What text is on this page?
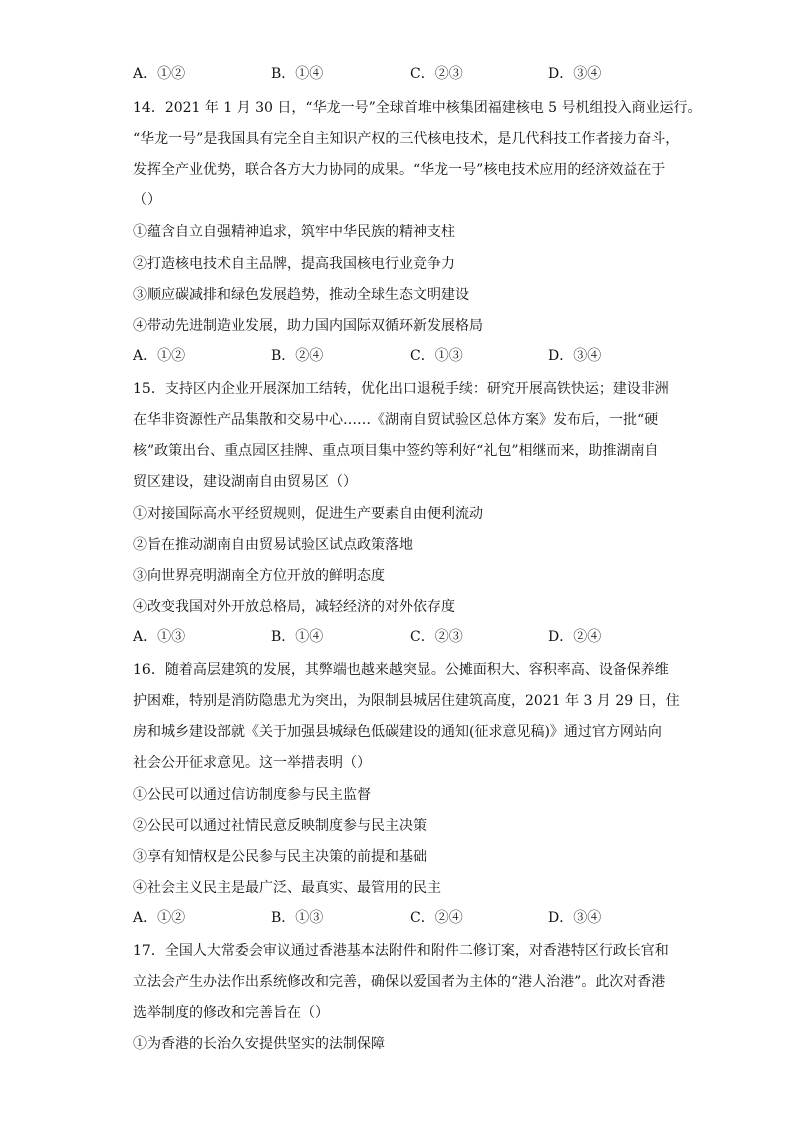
A．①②	B．①④	C．②③	D．③④
14．2021 年 1 月 30 日，“华龙一号”全球首堆中核集团福建核电 5 号机组投入商业运行。
“华龙一号”是我国具有完全自主知识产权的三代核电技术，是几代科技工作者接力奋斗，
发挥全产业优势，联合各方大力协同的成果。“华龙一号”核电技术应用的经济效益在于
（）
①蕴含自立自强精神追求，筑牢中华民族的精神支柱
②打造核电技术自主品牌，提高我国核电行业竞争力
③顺应碳减排和绿色发展趋势，推动全球生态文明建设
④带动先进制造业发展，助力国内国际双循环新发展格局
A．①②	B．②④	C．①③	D．③④
15．支持区内企业开展深加工结转，优化出口退税手续：研究开展高铁快运；建设非洲
在华非资源性产品集散和交易中心……《湖南自贸试验区总体方案》发布后，一批“硬
核”政策出台、重点园区挂牌、重点项目集中签约等利好“礼包”相继而来，助推湖南自
贸区建设，建设湖南自由贸易区（）
①对接国际高水平经贸规则，促进生产要素自由便利流动
②旨在推动湖南自由贸易试验区试点政策落地
③向世界亮明湖南全方位开放的鲜明态度
④改变我国对外开放总格局，减轻经济的对外依存度
A．①③	B．①④	C．②③	D．②④
16．随着高层建筑的发展，其弊端也越来越突显。公摊面积大、容积率高、设备保养维
护困难，特别是消防隐患尤为突出，为限制县城居住建筑高度，2021 年 3 月 29 日，住
房和城乡建设部就《关于加强县城绿色低碳建设的通知(征求意见稿)》通过官方网站向
社会公开征求意见。这一举措表明（）
①公民可以通过信访制度参与民主监督
②公民可以通过社情民意反映制度参与民主决策
③享有知情权是公民参与民主决策的前提和基础
④社会主义民主是最广泛、最真实、最管用的民主
A．①②	B．①③	C．②④	D．③④
17．全国人大常委会审议通过香港基本法附件和附件二修订案，对香港特区行政长官和
立法会产生办法作出系统修改和完善，确保以爱国者为主体的“港人治港”。此次对香港
选举制度的修改和完善旨在（）
①为香港的长治久安提供坚实的法制保障
